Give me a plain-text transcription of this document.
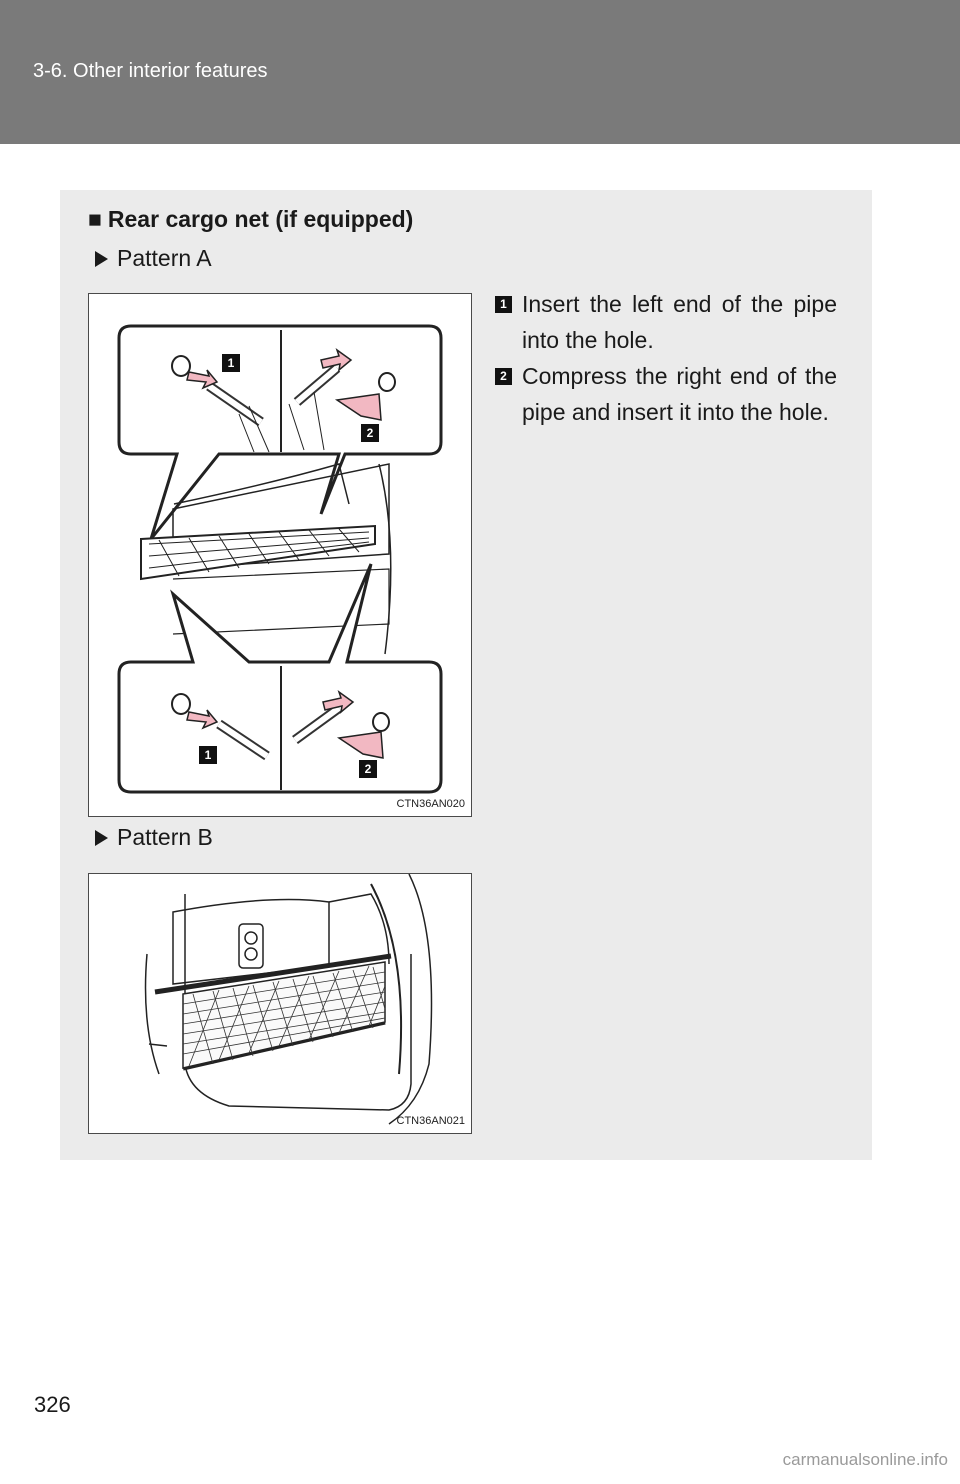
3-6. Other interior features
■ Rear cargo net (if equipped)
Pattern A
1
2
1
2
CTN36AN020
1 Insert the left end of the pipe into the hole.
2 Compress the right end of the pipe and insert it into the hole.
Pattern B
CTN36AN021
326
carmanualsonline.info
